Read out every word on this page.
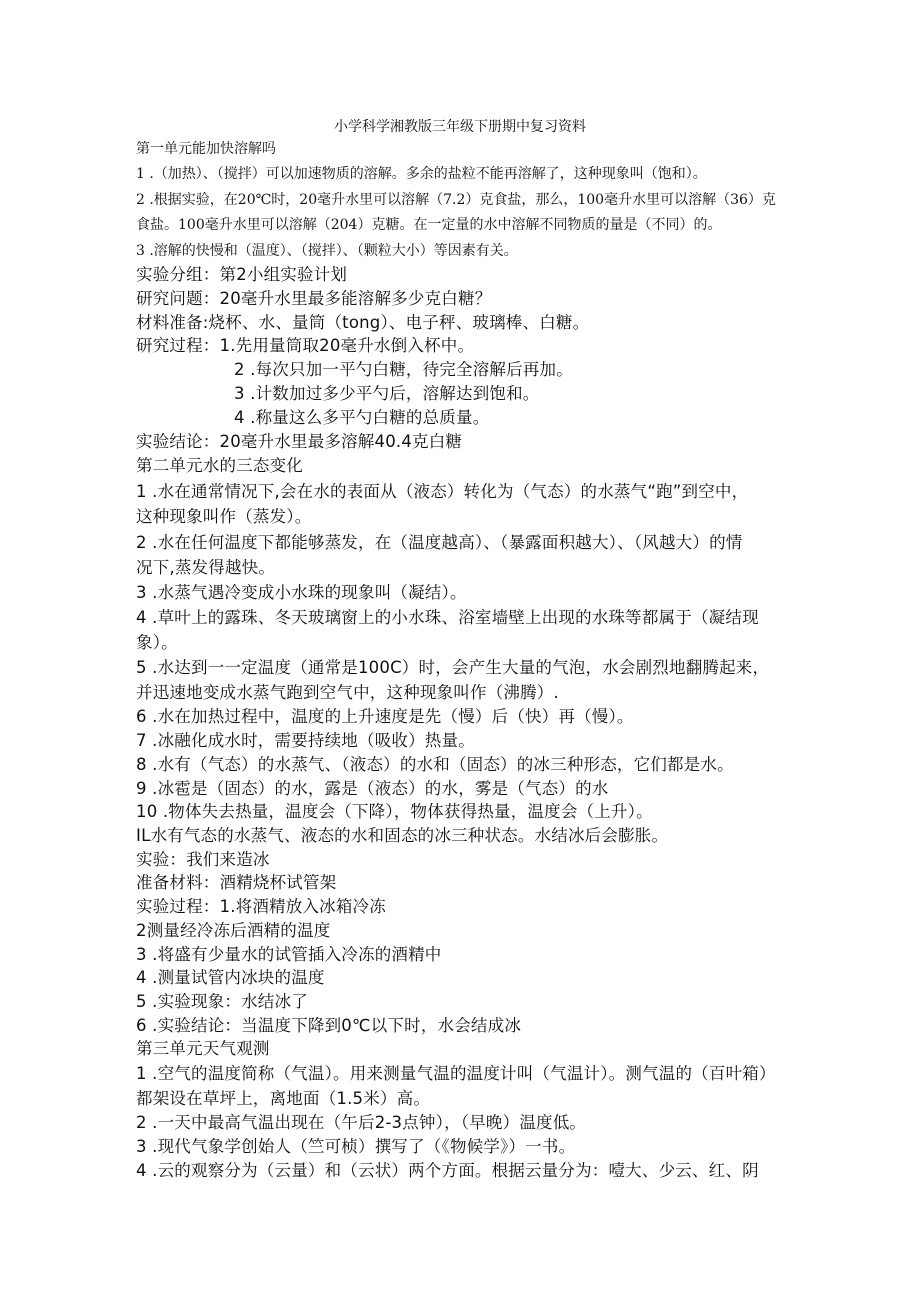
小学科学湘教版三年级下册期中复习资料
第一单元能加快溶解吗
1 .（加热）、（搅拌）可以加速物质的溶解。多余的盐粒不能再溶解了，这种现象叫（饱和）。
2 .根据实验，在20℃时，20毫升水里可以溶解（7.2）克食盐，那么，100毫升水里可以溶解（36）克
食盐。100毫升水里可以溶解（204）克糖。在一定量的水中溶解不同物质的量是（不同）的。
3 .溶解的快慢和（温度）、（搅拌）、（颗粒大小）等因素有关。
实验分组：第2小组实验计划
研究问题：20毫升水里最多能溶解多少克白糖？
材料准备:烧杯、水、量筒（tong）、电子秤、玻璃棒、白糖。
研究过程：1.先用量筒取20毫升水倒入杯中。
2 .每次只加一平勺白糖，待完全溶解后再加。
3 .计数加过多少平勺后，溶解达到饱和。
4 .称量这么多平勺白糖的总质量。
实验结论：20毫升水里最多溶解40.4克白糖
第二单元水的三态变化
1 .水在通常情况下,会在水的表面从（液态）转化为（气态）的水蒸气“跑”到空中，
这种现象叫作（蒸发）。
2 .水在任何温度下都能够蒸发，在（温度越高）、（暴露面积越大）、（风越大）的情
况下,蒸发得越快。
3 .水蒸气遇冷变成小水珠的现象叫（凝结）。
4 .草叶上的露珠、冬天玻璃窗上的小水珠、浴室墙壁上出现的水珠等都属于（凝结现
象）。
5 .水达到一一定温度（通常是100C）时，会产生大量的气泡，水会剧烈地翻腾起来，
并迅速地变成水蒸气跑到空气中，这种现象叫作（沸腾）.
6 .水在加热过程中，温度的上升速度是先（慢）后（快）再（慢）。
7 .冰融化成水时，需要持续地（吸收）热量。
8 .水有（气态）的水蒸气、（液态）的水和（固态）的冰三种形态，它们都是水。
9 .冰雹是（固态）的水，露是（液态）的水，雾是（气态）的水
10 .物体失去热量，温度会（下降），物体获得热量，温度会（上升）。
IL水有气态的水蒸气、液态的水和固态的冰三种状态。水结冰后会膨胀。
实验：我们来造冰
准备材料：酒精烧杯试管架
实验过程：1.将酒精放入冰箱冷冻
2测量经冷冻后酒精的温度
3 .将盛有少量水的试管插入冷冻的酒精中
4 .测量试管内冰块的温度
5 .实验现象：水结冰了
6 .实验结论：当温度下降到0℃以下时，水会结成冰
第三单元天气观测
1 .空气的温度简称（气温）。用来测量气温的温度计叫（气温计）。测气温的（百叶箱）
都架设在草坪上，离地面（1.5米）高。
2 .一天中最高气温出现在（午后2-3点钟），（早晚）温度低。
3 .现代气象学创始人（竺可桢）撰写了（《物候学》）一书。
4 .云的观察分为（云量）和（云状）两个方面。根据云量分为：噎大、少云、红、阴
